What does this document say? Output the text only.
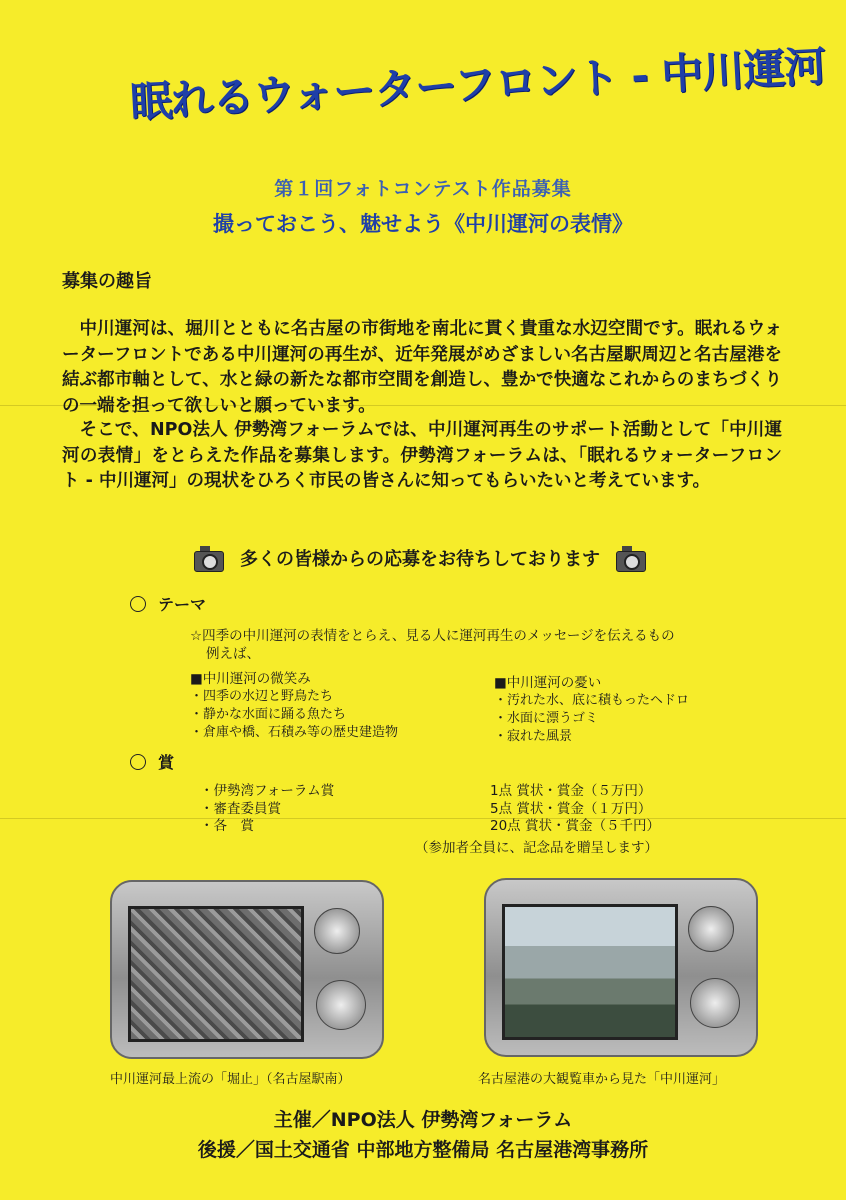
眠れるウォーターフロント - 中川運河
第１回フォトコンテスト作品募集
撮っておこう、魅せよう《中川運河の表情》
募集の趣旨

中川運河は、堀川とともに名古屋の市街地を南北に貫く貴重な水辺空間です。眠れるウォーターフロントである中川運河の再生が、近年発展がめざましい名古屋駅周辺と名古屋港を結ぶ都市軸として、水と緑の新たな都市空間を創造し、豊かで快適なこれからのまちづくりの一端を担って欲しいと願っています。

そこで、NPO法人 伊勢湾フォーラムでは、中川運河再生のサポート活動として「中川運河の表情」をとらえた作品を募集します。伊勢湾フォーラムは、「眠れるウォーターフロント - 中川運河」の現状をひろく市民の皆さんに知ってもらいたいと考えています。

多くの皆様からの応募をお待ちしております
テーマ
☆四季の中川運河の表情をとらえ、見る人に運河再生のメッセージを伝えるもの
例えば、
■中川運河の微笑み
・四季の水辺と野鳥たち
・静かな水面に踊る魚たち
・倉庫や橋、石積み等の歴史建造物
■中川運河の憂い
・汚れた水、底に積もったヘドロ
・水面に漂うゴミ
・寂れた風景
賞
・伊勢湾フォーラム賞
・審査委員賞
・各　賞
1点 賞状・賞金（５万円）
5点 賞状・賞金（１万円）
20点 賞状・賞金（５千円）
（参加者全員に、記念品を贈呈します）
中川運河最上流の「堀止」（名古屋駅南）	名古屋港の大観覧車から見た「中川運河」
主催／NPO法人 伊勢湾フォーラム
後援／国土交通省 中部地方整備局 名古屋港湾事務所
